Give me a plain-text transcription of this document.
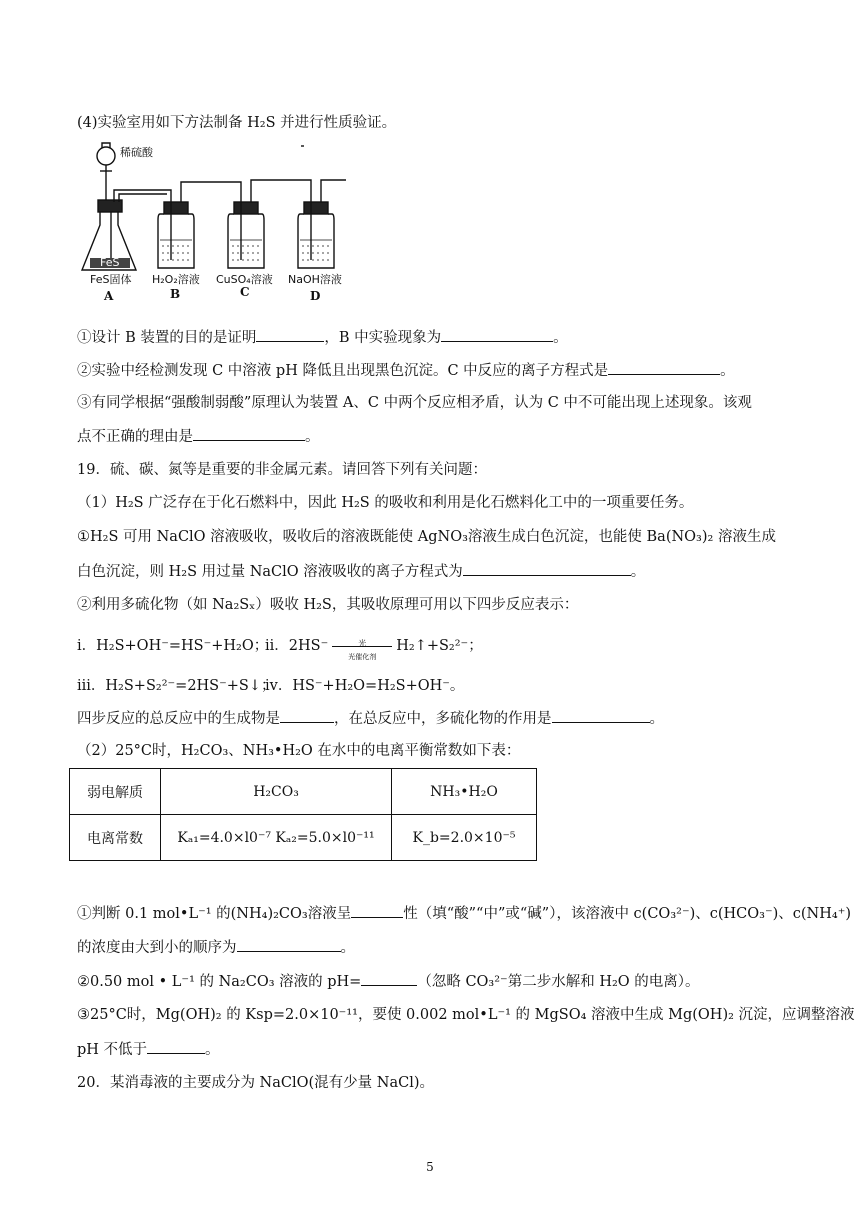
(4)实验室用如下方法制备 H₂S 并进行性质验证。
FeS
稀硫酸
FeS固体 H₂O₂溶液 CuSO₄溶液 NaOH溶液
A	B	C	D
①设计 B 装置的目的是证明	，B 中实验现象为	。
②实验中经检测发现 C 中溶液 pH 降低且出现黑色沉淀。C 中反应的离子方程式是	。
③有同学根据“强酸制弱酸”原理认为装置 A、C 中两个反应相矛盾，认为 C 中不可能出现上述现象。该观
点不正确的理由是	。
19．硫、碳、氮等是重要的非金属元素。请回答下列有关问题：
（1）H₂S 广泛存在于化石燃料中，因此 H₂S 的吸收和利用是化石燃料化工中的一项重要任务。
①H₂S 可用 NaClO 溶液吸收，吸收后的溶液既能使 AgNO₃溶液生成白色沉淀，也能使 Ba(NO₃)₂ 溶液生成
白色沉淀，则 H₂S 用过量 NaClO 溶液吸收的离子方程式为	。
②利用多硫化物（如 Na₂Sₓ）吸收 H₂S，其吸收原理可用以下四步反应表示：
i．H₂S+OH⁻=HS⁻+H₂O；ii．2HS⁻	光
光催化剂
H₂↑+S₂²⁻；
iii．H₂S+S₂²⁻=2HS⁻+S↓；iv．HS⁻+H₂O=H₂S+OH⁻。
四步反应的总反应中的生成物是	，在总反应中，多硫化物的作用是	。
（2）25°C时，H₂CO₃、NH₃•H₂O 在水中的电离平衡常数如下表：
弱电解质	H₂CO₃	NH₃•H₂O
电离常数	Kₐ₁=4.0×l0⁻⁷ Kₐ₂=5.0×l0⁻¹¹	K_b=2.0×10⁻⁵
①判断 0.1 mol•L⁻¹ 的(NH₄)₂CO₃溶液呈	性（填“酸”“中”或“碱”），该溶液中 c(CO₃²⁻)、c(HCO₃⁻)、c(NH₄⁺)
的浓度由大到小的顺序为	。
②0.50 mol • L⁻¹ 的 Na₂CO₃ 溶液的 pH=	（忽略 CO₃²⁻第二步水解和 H₂O 的电离）。
③25°C时，Mg(OH)₂ 的 Ksp=2.0×10⁻¹¹，要使 0.002 mol•L⁻¹ 的 MgSO₄ 溶液中生成 Mg(OH)₂ 沉淀，应调整溶液
pH 不低于	。
20．某消毒液的主要成分为 NaClO(混有少量 NaCl)。
5
